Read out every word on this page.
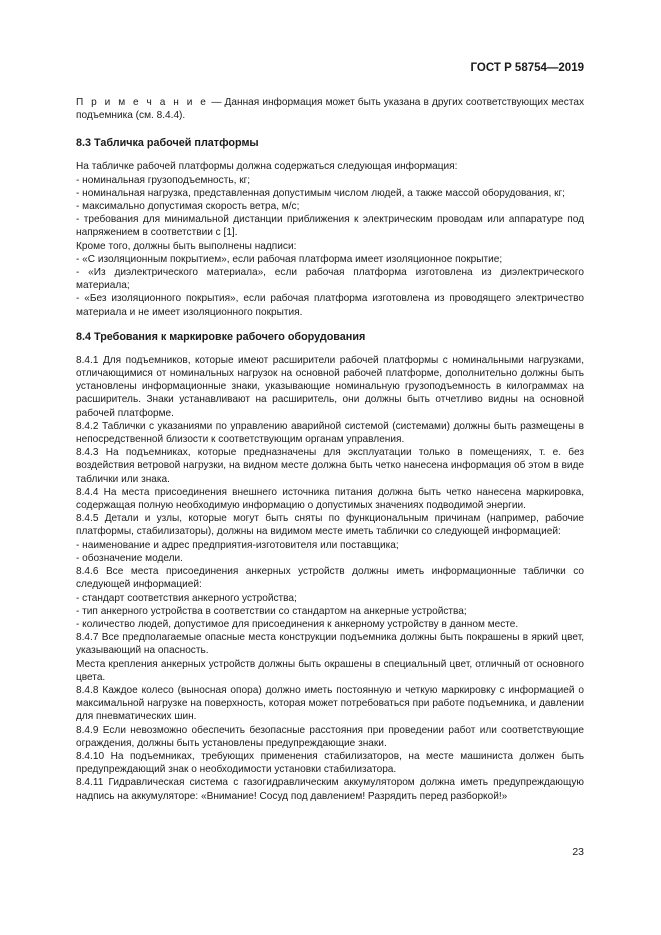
ГОСТ Р 58754—2019

П р и м е ч а н и е — Данная информация может быть указана в других соответствующих местах подъемника (см. 8.4.4).

8.3 Табличка рабочей платформы

На табличке рабочей платформы должна содержаться следующая информация:

- номинальная грузоподъемность, кг;

- номинальная нагрузка, представленная допустимым числом людей, а также массой оборудования, кг;

- максимально допустимая скорость ветра, м/с;

- требования для минимальной дистанции приближения к электрическим проводам или аппаратуре под напряжением в соответствии с [1].

Кроме того, должны быть выполнены надписи:

- «С изоляционным покрытием», если рабочая платформа имеет изоляционное покрытие;

- «Из диэлектрического материала», если рабочая платформа изготовлена из диэлектрического материала;

- «Без изоляционного покрытия», если рабочая платформа изготовлена из проводящего электричество материала и не имеет изоляционного покрытия.

8.4 Требования к маркировке рабочего оборудования

8.4.1 Для подъемников, которые имеют расширители рабочей платформы с номинальными нагрузками, отличающимися от номинальных нагрузок на основной рабочей платформе, дополнительно должны быть установлены информационные знаки, указывающие номинальную грузоподъемность в килограммах на расширитель. Знаки устанавливают на расширитель, они должны быть отчетливо видны на основной рабочей платформе.

8.4.2 Таблички с указаниями по управлению аварийной системой (системами) должны быть размещены в непосредственной близости к соответствующим органам управления.

8.4.3 На подъемниках, которые предназначены для эксплуатации только в помещениях, т. е. без воздействия ветровой нагрузки, на видном месте должна быть четко нанесена информация об этом в виде таблички или знака.

8.4.4 На места присоединения внешнего источника питания должна быть четко нанесена маркировка, содержащая полную необходимую информацию о допустимых значениях подводимой энергии.

8.4.5 Детали и узлы, которые могут быть сняты по функциональным причинам (например, рабочие платформы, стабилизаторы), должны на видимом месте иметь таблички со следующей информацией:

- наименование и адрес предприятия-изготовителя или поставщика;

- обозначение модели.

8.4.6 Все места присоединения анкерных устройств должны иметь информационные таблички со следующей информацией:

- стандарт соответствия анкерного устройства;

- тип анкерного устройства в соответствии со стандартом на анкерные устройства;

- количество людей, допустимое для присоединения к анкерному устройству в данном месте.

8.4.7 Все предполагаемые опасные места конструкции подъемника должны быть покрашены в яркий цвет, указывающий на опасность.

Места крепления анкерных устройств должны быть окрашены в специальный цвет, отличный от основного цвета.

8.4.8 Каждое колесо (выносная опора) должно иметь постоянную и четкую маркировку с информацией о максимальной нагрузке на поверхность, которая может потребоваться при работе подъемника, и давлении для пневматических шин.

8.4.9 Если невозможно обеспечить безопасные расстояния при проведении работ или соответствующие ограждения, должны быть установлены предупреждающие знаки.

8.4.10 На подъемниках, требующих применения стабилизаторов, на месте машиниста должен быть предупреждающий знак о необходимости установки стабилизатора.

8.4.11 Гидравлическая система с газогидравлическим аккумулятором должна иметь предупреждающую надпись на аккумуляторе: «Внимание! Сосуд под давлением! Разрядить перед разборкой!»

23
